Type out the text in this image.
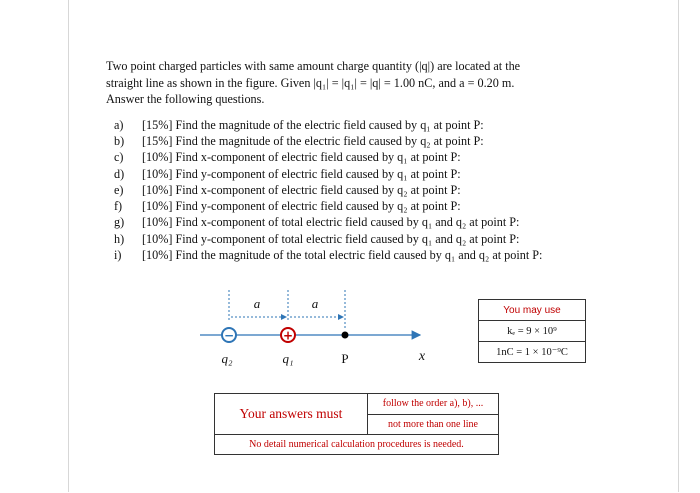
Two point charged particles with same amount charge quantity (|q|) are located at the
straight line as shown in the figure. Given |q₁| = |q₁| = |q| = 1.00 nC, and a = 0.20 m.
Answer the following questions.
a)	[15%] Find the magnitude of the electric field caused by q₁ at point P:
b)	[15%] Find the magnitude of the electric field caused by q₂ at point P:
c)	[10%] Find x-component of electric field caused by q₁ at point P:
d)	[10%] Find y-component of electric field caused by q₁ at point P:
e)	[10%] Find x-component of electric field caused by q₂ at point P:
f)	[10%] Find y-component of electric field caused by q₂ at point P:
g)	[10%] Find x-component of total electric field caused by q₁ and q₂ at point P:
h)	[10%] Find y-component of total electric field caused by q₁ and q₂ at point P:
i)	[10%] Find the magnitude of the total electric field caused by q₁ and q₂ at point P:
a	a
−	+
q₂	q₁	P	x
You may use
kₑ = 9 × 10⁹
1nC = 1 × 10⁻⁹C
Your answers must	follow the order a), b), ...
not more than one line
No detail numerical calculation procedures is needed.
